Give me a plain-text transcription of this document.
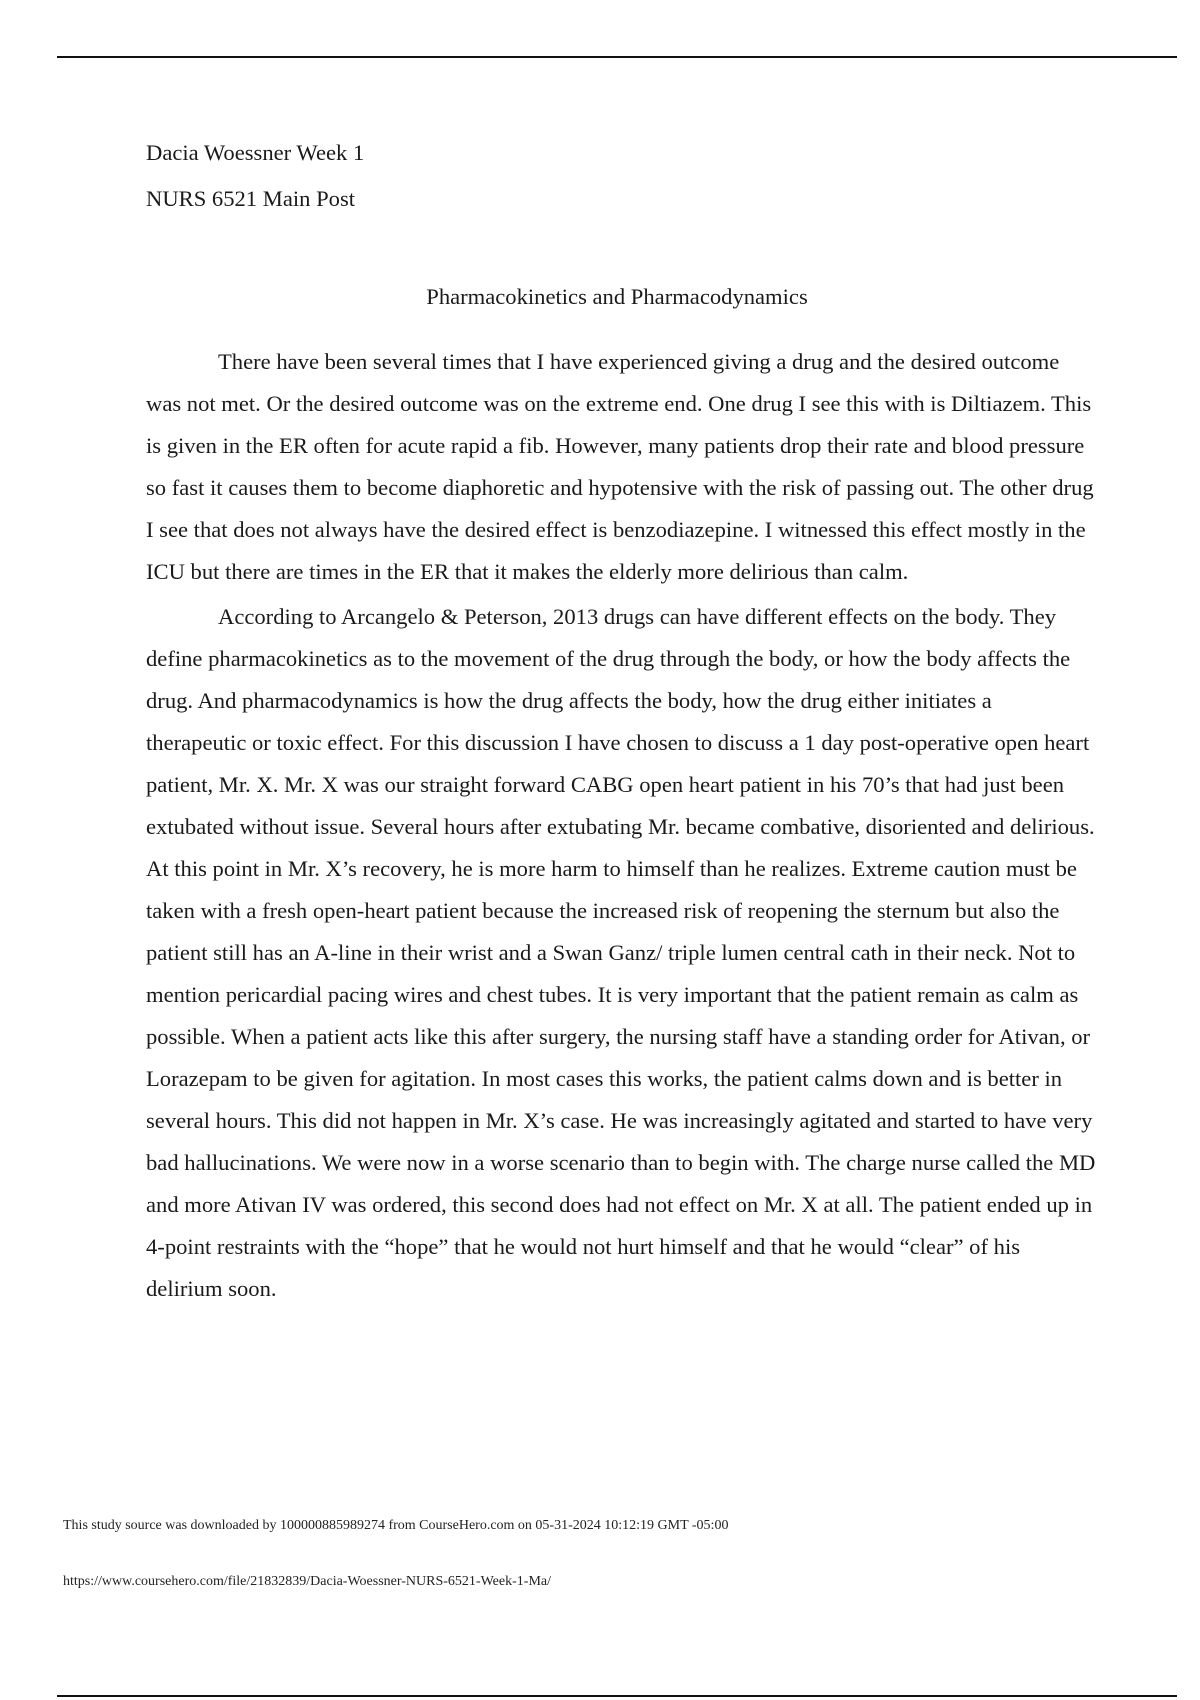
Dacia Woessner Week 1

NURS 6521 Main Post

Pharmacokinetics and Pharmacodynamics

There have been several times that I have experienced giving a drug and the desired outcome was not met. Or the desired outcome was on the extreme end. One drug I see this with is Diltiazem. This is given in the ER often for acute rapid a fib. However, many patients drop their rate and blood pressure so fast it causes them to become diaphoretic and hypotensive with the risk of passing out. The other drug I see that does not always have the desired effect is benzodiazepine. I witnessed this effect mostly in the ICU but there are times in the ER that it makes the elderly more delirious than calm.

According to Arcangelo & Peterson, 2013 drugs can have different effects on the body. They define pharmacokinetics as to the movement of the drug through the body, or how the body affects the drug. And pharmacodynamics is how the drug affects the body, how the drug either initiates a therapeutic or toxic effect. For this discussion I have chosen to discuss a 1 day post-operative open heart patient, Mr. X. Mr. X was our straight forward CABG open heart patient in his 70’s that had just been extubated without issue. Several hours after extubating Mr. became combative, disoriented and delirious. At this point in Mr. X’s recovery, he is more harm to himself than he realizes. Extreme caution must be taken with a fresh open-heart patient because the increased risk of reopening the sternum but also the patient still has an A-line in their wrist and a Swan Ganz/ triple lumen central cath in their neck. Not to mention pericardial pacing wires and chest tubes. It is very important that the patient remain as calm as possible. When a patient acts like this after surgery, the nursing staff have a standing order for Ativan, or Lorazepam to be given for agitation. In most cases this works, the patient calms down and is better in several hours. This did not happen in Mr. X’s case. He was increasingly agitated and started to have very bad hallucinations. We were now in a worse scenario than to begin with. The charge nurse called the MD and more Ativan IV was ordered, this second does had not effect on Mr. X at all. The patient ended up in 4-point restraints with the “hope” that he would not hurt himself and that he would “clear” of his delirium soon.

This study source was downloaded by 100000885989274 from CourseHero.com on 05-31-2024 10:12:19 GMT -05:00
https://www.coursehero.com/file/21832839/Dacia-Woessner-NURS-6521-Week-1-Ma/
